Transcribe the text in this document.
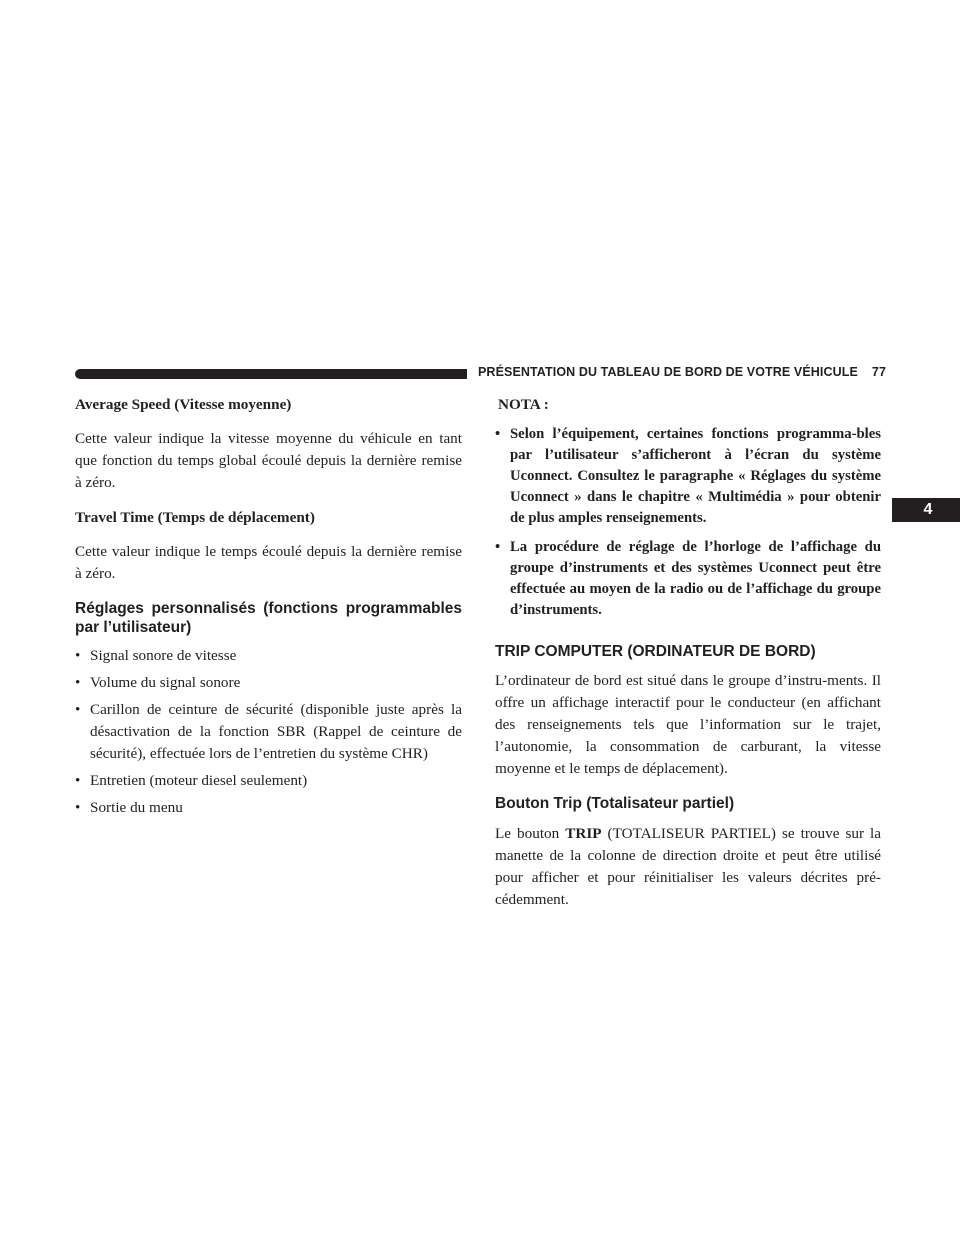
PRÉSENTATION DU TABLEAU DE BORD DE VOTRE VÉHICULE 77
4

Average Speed (Vitesse moyenne)

Cette valeur indique la vitesse moyenne du véhicule en tant que fonction du temps global écoulé depuis la dernière remise à zéro.

Travel Time (Temps de déplacement)

Cette valeur indique le temps écoulé depuis la dernière remise à zéro.

Réglages personnalisés (fonctions programmables par l’utilisateur)

• Signal sonore de vitesse
• Volume du signal sonore
• Carillon de ceinture de sécurité (disponible juste après la désactivation de la fonction SBR (Rappel de ceinture de sécurité), effectuée lors de l’entretien du système CHR)
• Entretien (moteur diesel seulement)
• Sortie du menu

NOTA :

• Selon l’équipement, certaines fonctions programma-bles par l’utilisateur s’afficheront à l’écran du système Uconnect. Consultez le paragraphe « Réglages du système Uconnect » dans le chapitre « Multimédia » pour obtenir de plus amples renseignements.
• La procédure de réglage de l’horloge de l’affichage du groupe d’instruments et des systèmes Uconnect peut être effectuée au moyen de la radio ou de l’affichage du groupe d’instruments.

TRIP COMPUTER (ORDINATEUR DE BORD)

L’ordinateur de bord est situé dans le groupe d’instru-ments. Il offre un affichage interactif pour le conducteur (en affichant des renseignements tels que l’information sur le trajet, l’autonomie, la consommation de carburant, la vitesse moyenne et le temps de déplacement).

Bouton Trip (Totalisateur partiel)

Le bouton TRIP (TOTALISEUR PARTIEL) se trouve sur la manette de la colonne de direction droite et peut être utilisé pour afficher et pour réinitialiser les valeurs décrites pré-cédemment.
